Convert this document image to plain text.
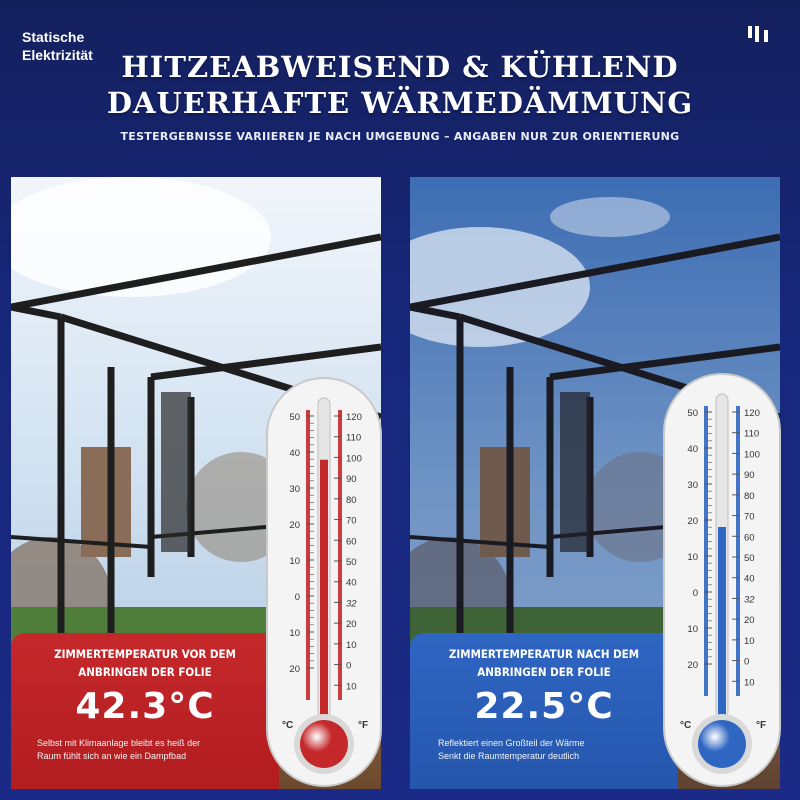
Statische
Elektrizität HITZEABWEISEND & KÜHLEND
DAUERHAFTE WÄRMEDÄMMUNG
TESTERGEBNISSE VARIIEREN JE NACH UMGEBUNG – ANGABEN NUR ZUR ORIENTIERUNG
ZIMMERTEMPERATUR VOR DEM
ANBRINGEN DER FOLIE
42.3°C
Selbst mit Klimaanlage bleibt es heiß der
Raum fühlt sich an wie ein Dampfbad
ZIMMERTEMPERATUR NACH DEM
ANBRINGEN DER FOLIE
22.5°C
Reflektiert einen Großteil der Wärme
Senkt die Raumtemperatur deutlich
50
40
30
20
10
0
10
20
120
110
100
90
80
70
60
50
40
32
20
10
0
10
°C	°F
50
40
30
20
10
0
10
20
120
110
100
90
80
70
60
50
40
32
20
10
0
10
°C	°F
